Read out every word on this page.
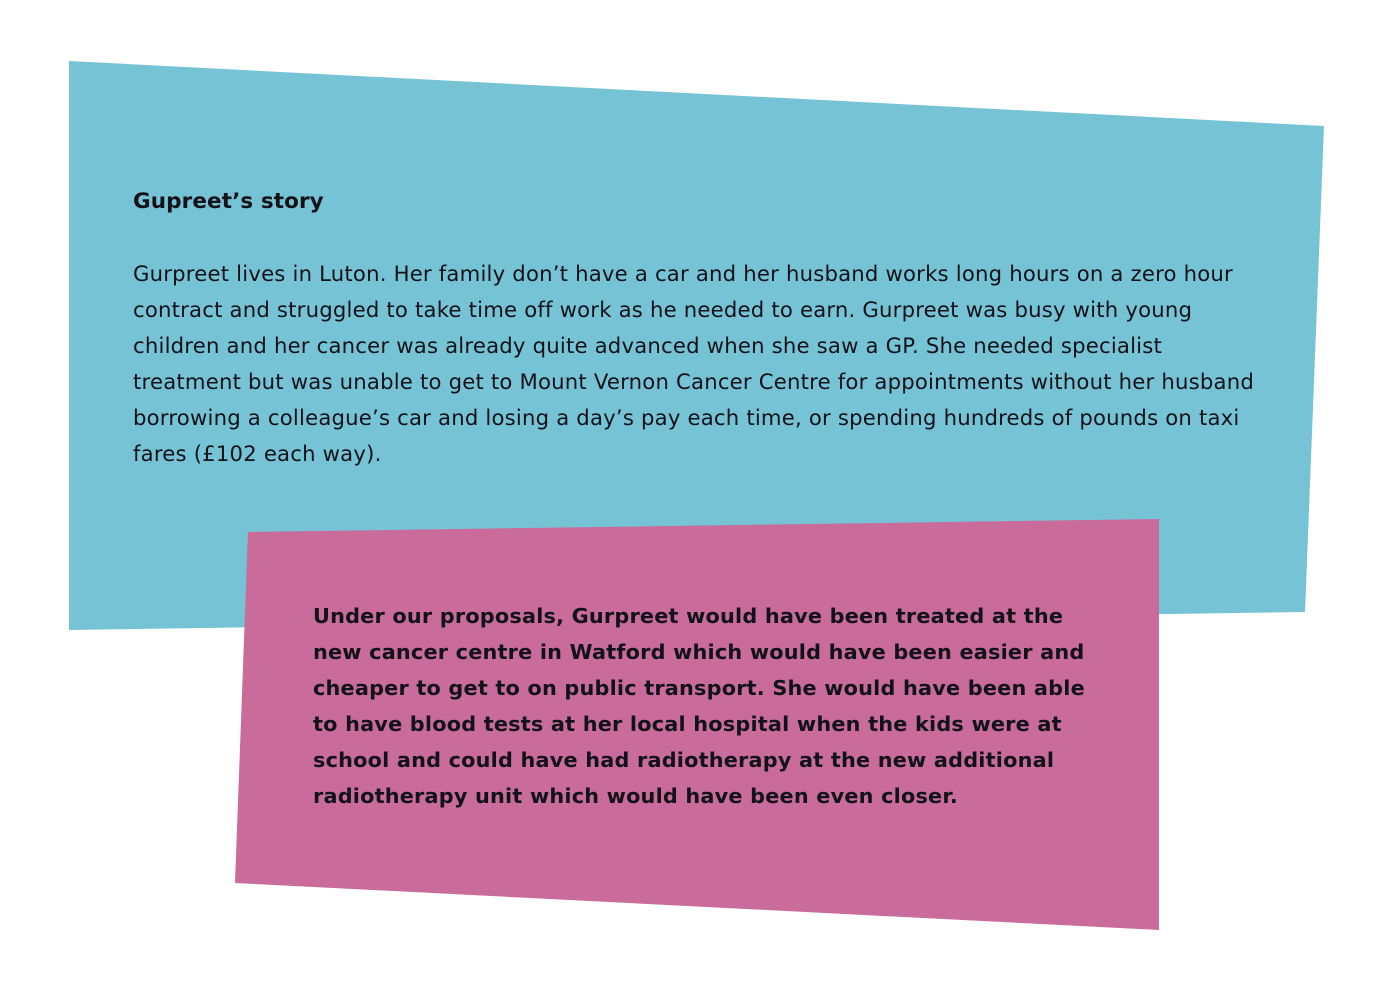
Gupreet’s story

Gurpreet lives in Luton. Her family don’t have a car and her husband works long hours on a zero hour contract and struggled to take time off work as he needed to earn. Gurpreet was busy with young children and her cancer was already quite advanced when she saw a GP. She needed specialist treatment but was unable to get to Mount Vernon Cancer Centre for appointments without her husband borrowing a colleague’s car and losing a day’s pay each time, or spending hundreds of pounds on taxi fares (£102 each way).

Under our proposals, Gurpreet would have been treated at the new cancer centre in Watford which would have been easier and cheaper to get to on public transport. She would have been able to have blood tests at her local hospital when the kids were at school and could have had radiotherapy at the new additional radiotherapy unit which would have been even closer.
